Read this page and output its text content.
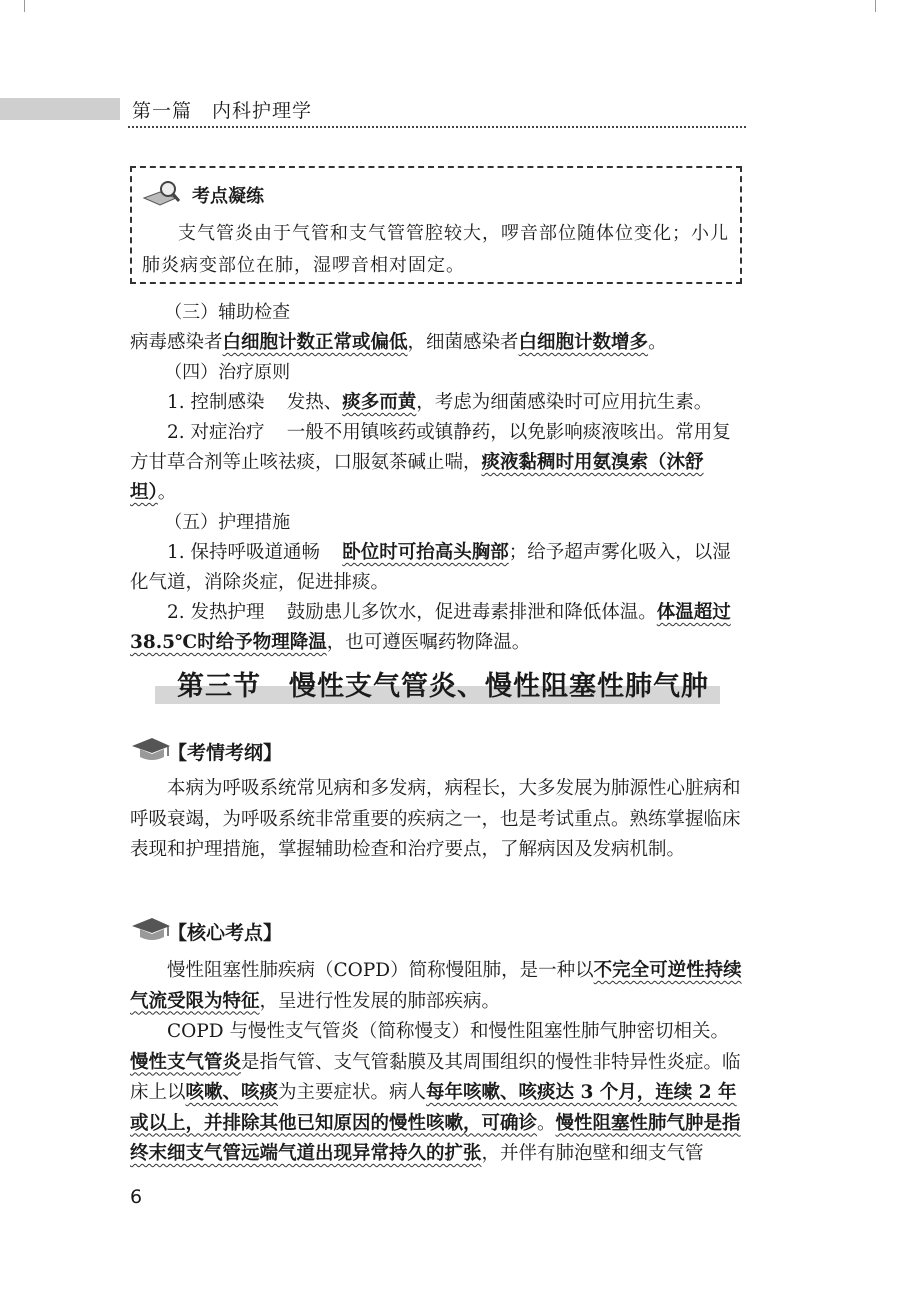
第一篇　内科护理学
考点凝练
支气管炎由于气管和支气管管腔较大，啰音部位随体位变化；小儿肺炎病变部位在肺，湿啰音相对固定。

（三）辅助检查

病毒感染者白细胞计数正常或偏低，细菌感染者白细胞计数增多。

（四）治疗原则

1. 控制感染 发热、痰多而黄，考虑为细菌感染时可应用抗生素。

2. 对症治疗 一般不用镇咳药或镇静药，以免影响痰液咳出。常用复方甘草合剂等止咳祛痰，口服氨茶碱止喘，痰液黏稠时用氨溴索（沐舒坦）。

（五）护理措施

1. 保持呼吸道通畅 卧位时可抬高头胸部；给予超声雾化吸入，以湿化气道，消除炎症，促进排痰。

2. 发热护理 鼓励患儿多饮水，促进毒素排泄和降低体温。体温超过38.5℃时给予物理降温，也可遵医嘱药物降温。

第三节　慢性支气管炎、慢性阻塞性肺气肿
【考情考纲】

本病为呼吸系统常见病和多发病，病程长，大多发展为肺源性心脏病和呼吸衰竭，为呼吸系统非常重要的疾病之一，也是考试重点。熟练掌握临床表现和护理措施，掌握辅助检查和治疗要点，了解病因及发病机制。

【核心考点】

慢性阻塞性肺疾病（COPD）简称慢阻肺，是一种以不完全可逆性持续气流受限为特征，呈进行性发展的肺部疾病。

COPD 与慢性支气管炎（简称慢支）和慢性阻塞性肺气肿密切相关。慢性支气管炎是指气管、支气管黏膜及其周围组织的慢性非特异性炎症。临床上以咳嗽、咳痰为主要症状。病人每年咳嗽、咳痰达 3 个月，连续 2 年或以上，并排除其他已知原因的慢性咳嗽，可确诊。慢性阻塞性肺气肿是指终末细支气管远端气道出现异常持久的扩张，并伴有肺泡壁和细支气管

6
